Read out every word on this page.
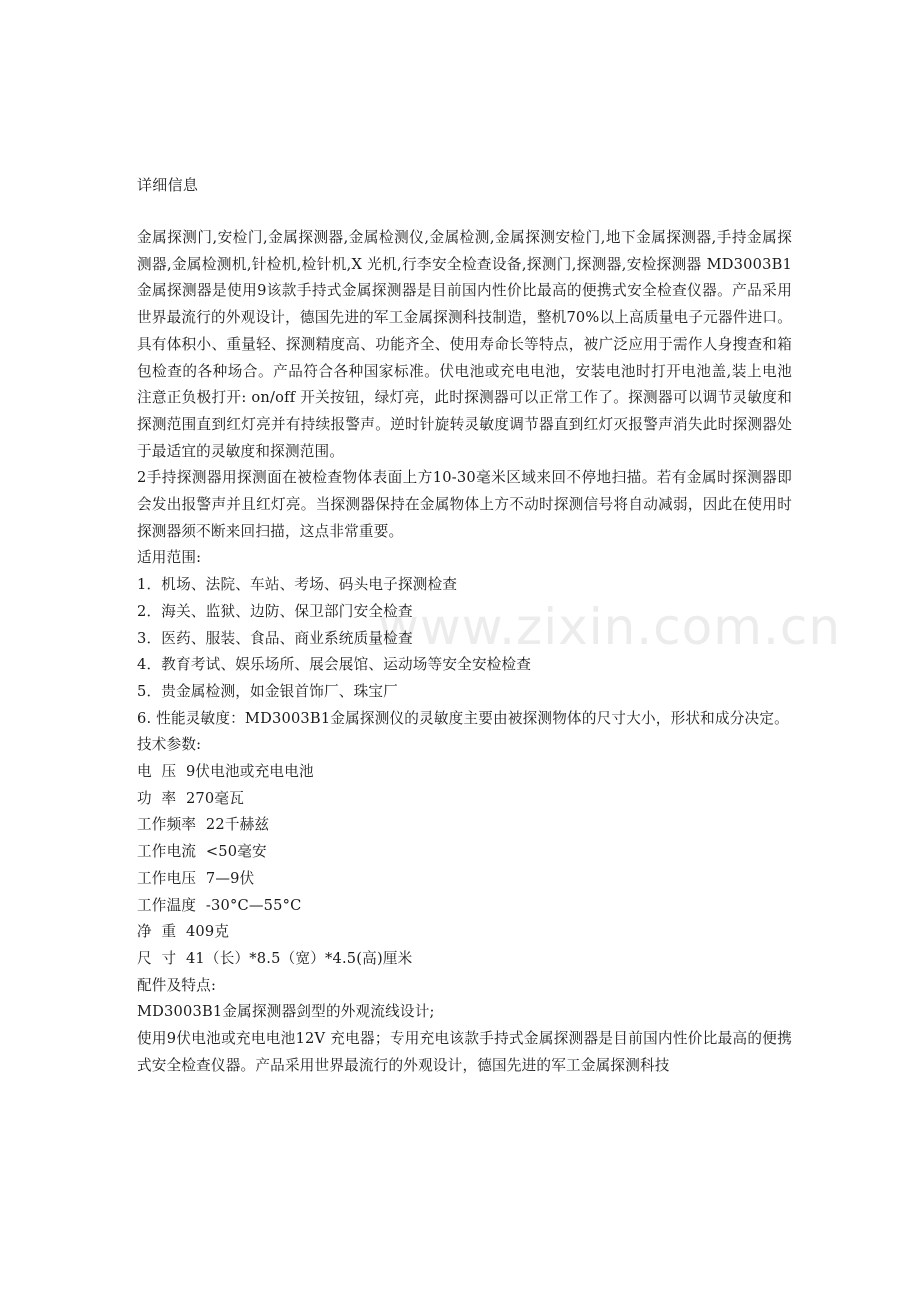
www.zixin.com.cn

详细信息

金属探测门,安检门,金属探测器,金属检测仪,金属检测,金属探测安检门,地下金属探测器,手持金属探测器,金属检测机,针检机,检针机,X 光机,行李安全检查设备,探测门,探测器,安检探测器 MD3003B1金属探测器是使用9该款手持式金属探测器是目前国内性价比最高的便携式安全检查仪器。产品采用世界最流行的外观设计，德国先进的军工金属探测科技制造，整机70%以上高质量电子元器件进口。具有体积小、重量轻、探测精度高、功能齐全、使用寿命长等特点，被广泛应用于需作人身搜查和箱包检查的各种场合。产品符合各种国家标准。伏电池或充电电池，安装电池时打开电池盖,装上电池注意正负极打开: on/off 开关按钮，绿灯亮，此时探测器可以正常工作了。探测器可以调节灵敏度和探测范围直到红灯亮并有持续报警声。逆时针旋转灵敏度调节器直到红灯灭报警声消失此时探测器处于最适宜的灵敏度和探测范围。

2手持探测器用探测面在被检查物体表面上方10-30毫米区域来回不停地扫描。若有金属时探测器即会发出报警声并且红灯亮。当探测器保持在金属物体上方不动时探测信号将自动减弱，因此在使用时探测器须不断来回扫描，这点非常重要。

适用范围:

1．机场、法院、车站、考场、码头电子探测检查

2．海关、监狱、边防、保卫部门安全检查

3．医药、服装、食品、商业系统质量检查

4．教育考试、娱乐场所、展会展馆、运动场等安全安检检查

5．贵金属检测，如金银首饰厂、珠宝厂

6. 性能灵敏度：MD3003B1金属探测仪的灵敏度主要由被探测物体的尺寸大小，形状和成分决定。

技术参数:

电  压  9伏电池或充电电池

功  率  270毫瓦

工作频率  22千赫兹

工作电流  <50毫安

工作电压  7—9伏

工作温度  -30°C—55°C

净  重  409克

尺  寸  41（长）*8.5（宽）*4.5(高)厘米

配件及特点:

MD3003B1金属探测器剑型的外观流线设计;

使用9伏电池或充电电池12V 充电器；专用充电该款手持式金属探测器是目前国内性价比最高的便携式安全检查仪器。产品采用世界最流行的外观设计，德国先进的军工金属探测科技
